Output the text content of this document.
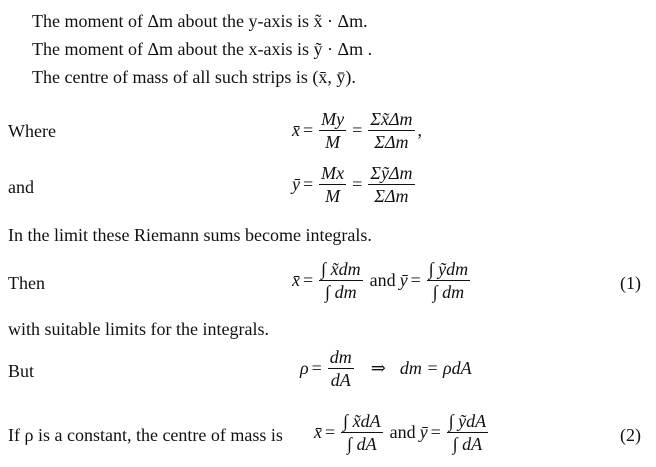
The moment of Δm about the y-axis is x̃ · Δm.
The moment of Δm about the x-axis is ỹ · Δm .
The centre of mass of all such strips is (x̄, ȳ).
Where	x̄ = $\frac{My}{M} = \frac{\Sigma x̃\Delta m}{\text{ΣΔm}}$ ,
and	ȳ = $\frac{Mx}{M} = \frac{\text{ΣỹΔm}}{\text{ΣΔm}}$
In the limit these Riemann sums become integrals.
Then	x̄ = $\frac{\int x̃dm}{\int dm}$ and ȳ = $\frac{\text{∫ ỹdm}}{\int dm}$	(1)
with suitable limits for the integrals.
But	$\rho = \frac{dm}{dA}$ ⇒ dm = ρdA
If ρ is a constant, the centre of mass is x̄ = $\frac{\int x̃dA}{\int dA}$ and ȳ = $\frac{\text{∫ ỹdA}}{\int dA}$	(2)
